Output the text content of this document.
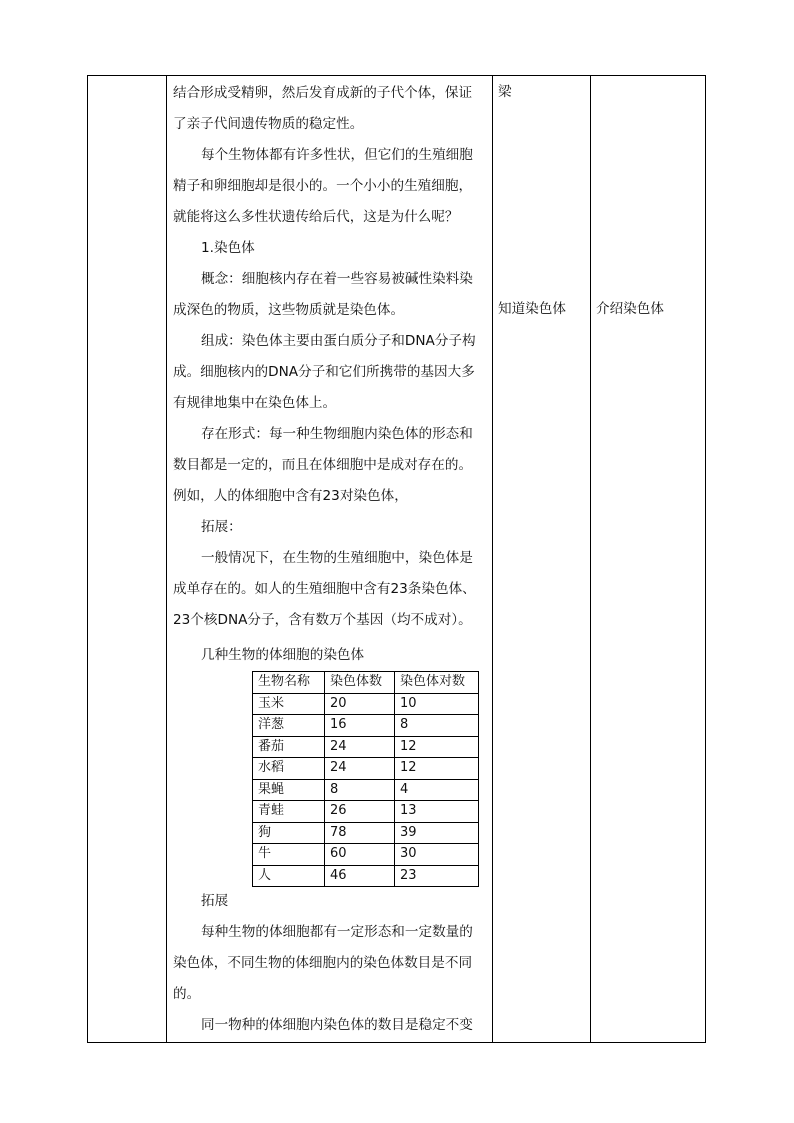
结合形成受精卵，然后发育成新的子代个体，保证

了亲子代间遗传物质的稳定性。

每个生物体都有许多性状，但它们的生殖细胞

精子和卵细胞却是很小的。一个小小的生殖细胞，

就能将这么多性状遗传给后代，这是为什么呢？

1.染色体

概念：细胞核内存在着一些容易被碱性染料染

成深色的物质，这些物质就是染色体。

组成：染色体主要由蛋白质分子和DNA分子构

成。细胞核内的DNA分子和它们所携带的基因大多

有规律地集中在染色体上。

存在形式：每一种生物细胞内染色体的形态和

数目都是一定的，而且在体细胞中是成对存在的。

例如，人的体细胞中含有23对染色体，

拓展：

一般情况下，在生物的生殖细胞中，染色体是

成单存在的。如人的生殖细胞中含有23条染色体、

23个核DNA分子，含有数万个基因（均不成对）。

几种生物的体细胞的染色体
生物名称	染色体数	染色体对数
玉米	20	10
洋葱	16	8
番茄	24	12
水稻	24	12
果蝇	8	4
青蛙	26	13
狗	78	39
牛	60	30
人	46	23

拓展

每种生物的体细胞都有一定形态和一定数量的

染色体，不同生物的体细胞内的染色体数目是不同

的。

同一物种的体细胞内染色体的数目是稳定不变

梁
知道染色体 介绍染色体
